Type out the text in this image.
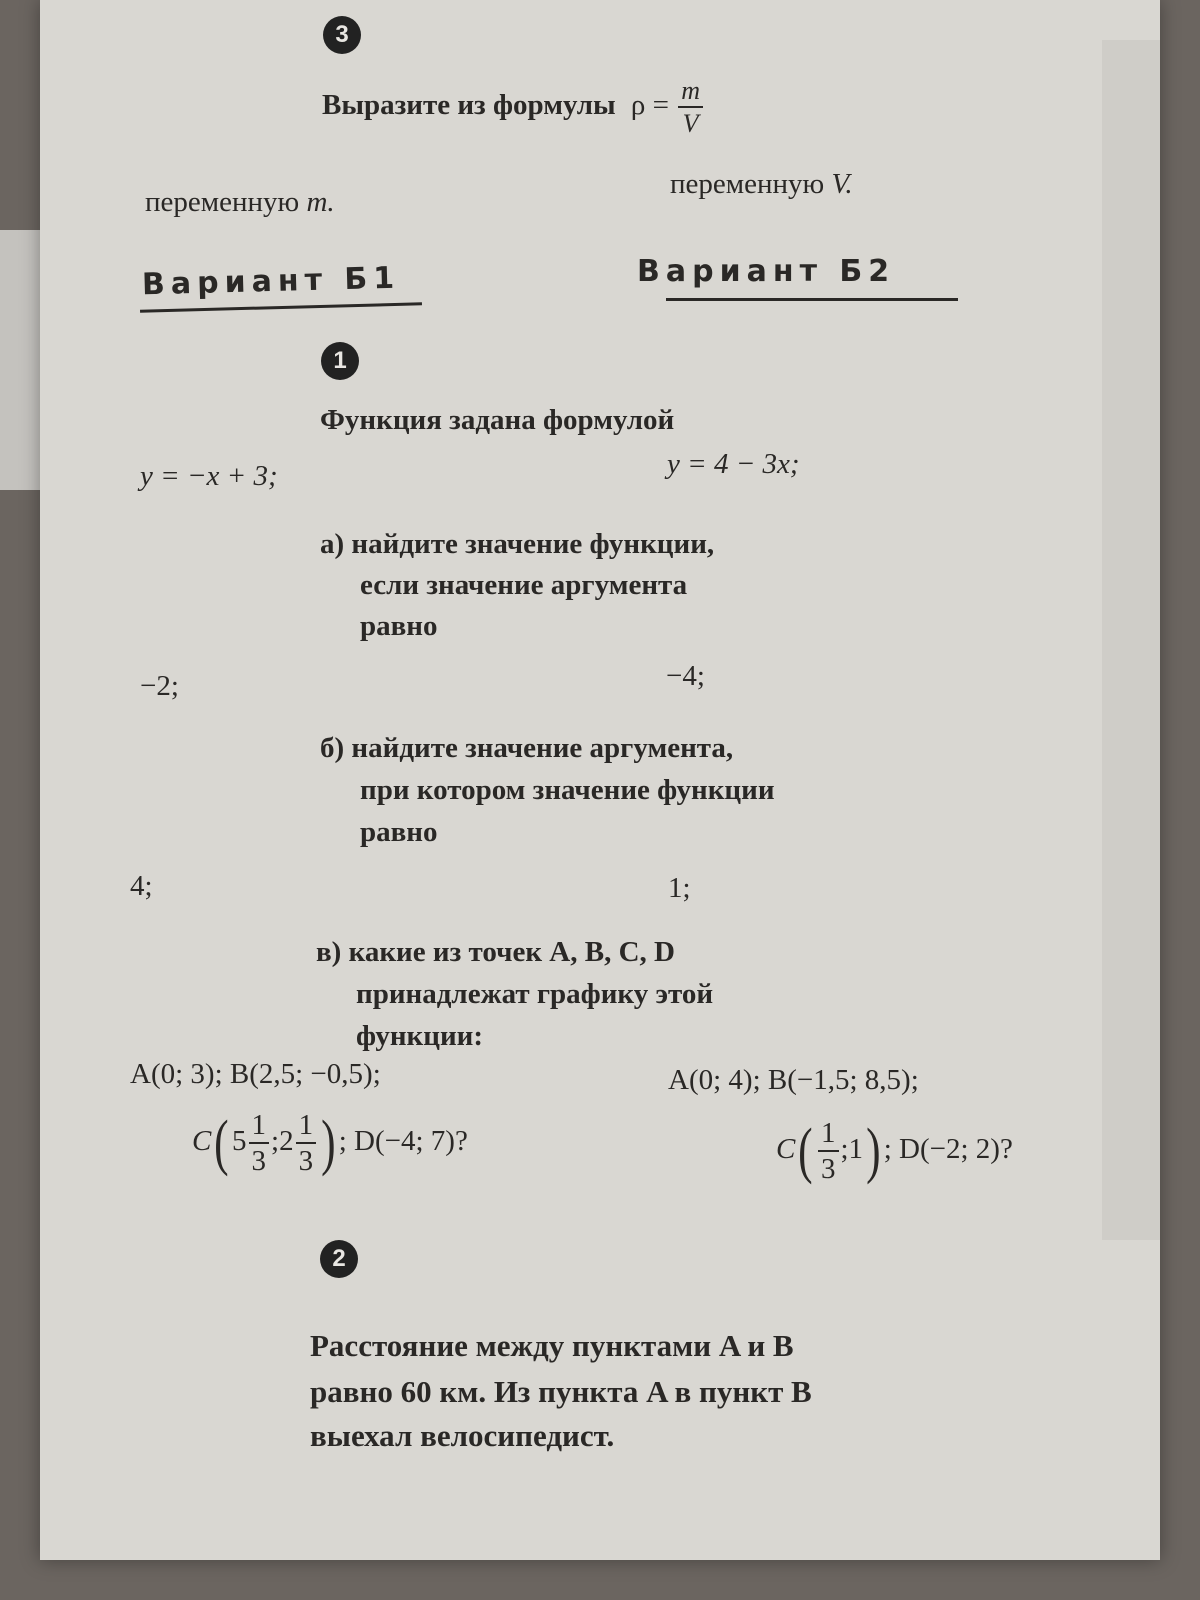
3
Выразите из формулы $\rho = \frac{m}{V}$
переменную m.
переменную V.
Вариант Б1	Вариант Б2
1
Функция задана формулой
y = −x + 3;	y = 4 − 3x;
а) найдите значение функции,
если значение аргумента
равно
−2;	−4;
б) найдите значение аргумента,
при котором значение функции
равно
4;	1;
в) какие из точек A, B, C, D
принадлежат графику этой
функции:
A(0; 3); B(2,5; −0,5);
C( $5 \frac{1}{3}$ ;2 $\frac{1}{3}$ ) ; D(−4; 7)?
A(0; 4); B(−1,5; 8,5);
$C( \frac{1}{3}$ ;1) ; D(−2; 2)?
2
Расстояние между пунктами A и B
равно 60 км. Из пункта A в пункт B
выехал велосипедист.
